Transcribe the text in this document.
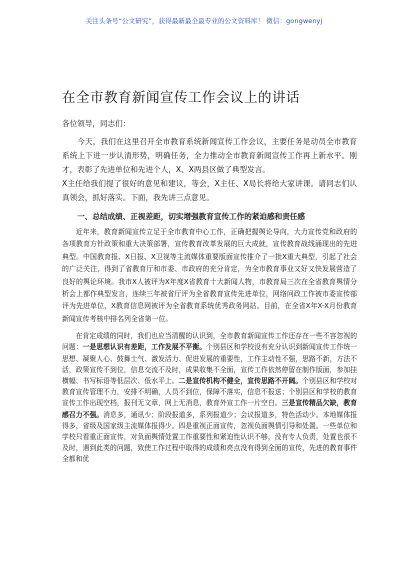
关注头条号“公文研究”，获得最新最全最专业的公文资料库！ 微信：gongwenyj
在全市教育新闻宣传工作会议上的讲话
各位领导，同志们：

今天，我们在这里召开全市教育系统新闻宣传工作会议，主要任务是动员全市教育系统上下进一步认清形势，明确任务，全力推动全市教育新闻宣传工作再上新水平。刚才，表彰了先进单位和先进个人，X、X两县区做了典型发言。

X主任给我们提了很好的意见和建议，等会，X主任、X局长将给大家讲课。请同志们认真领会，抓好落实。下面，我先讲三点意见。

一、总结成绩、正视差距，切实增强教育宣传工作的紧迫感和责任感

近年来，教育新闻宣传立足于全市教育中心工作，正确把握舆论导向，大力宣传党和政府的各项教育方针政策和重大决策部署，宣传教育改革发展的巨大成就，宣传教育战线涌现出的先进典型。中国教育报、X日报、X卫视等主流媒体重要版面宣传推介了一批X重大典型，引起了社会的广泛关注，得到了省教育厅和市委、市政府的充分肯定，为全市教育事业又好又快发展营造了良好的舆论环境。我市X人被评为X年度X省教育十大新闻人物，市教育局三次在全省教育舆情分析会上都作典型发言，连续三年被省厅评为全省教育宣传先进单位，网络问政工作被市委宣传部评为先进单位，X教育信息网被评为全省教育系统优秀政务网站。目前，在全省X年X-X月份教育新闻宣传考核中排名列全省第一位。

在肯定成绩的同时，我们也应当清醒的认识到，全市教育新闻宣传工作还存在一些不容忽视的问题：一是思想认识有差距，工作发展不平衡。个别县区和学校没有充分认识到新闻宣传工作统一思想、凝聚人心、鼓舞士气、激发活力、促进发展的重要性，工作主动性不强，思路不新，方法不活，政策宣传不到位，信息交流不及时，成果收集不全面，宣传工作依然停留在制作版面，参加挂横幅、书写标语等低层次、低水平上。二是宣传机构不健全，宣传思路不开阔。个别县区和学校对教育宣传管理不力，安排不明确，人员不到位，保障不落实，信息不报送；个别县区和学校的教育宣传工作出现空档，报刊无文章，网上无消息，教育外宣工作一片空白。三是宣传精品欠缺，教育感召力不强。消息多，通讯少；阶段报道多，系列报道少；会议报道多，特色活动少。本地媒体报得多，省级及国家级主流媒体报得少。四是重视正面宣传，忽视负面舆情引导和处置。一些单位和学校只看重正面宣传，对负面舆情处置工作重要性和紧迫性认识不够，没有专人负责，处置也很不及时，遇到此类的问题，致使工作过程中取得的成绩和亮点没有得到全面的宣传，先进的教育事件全都和优
